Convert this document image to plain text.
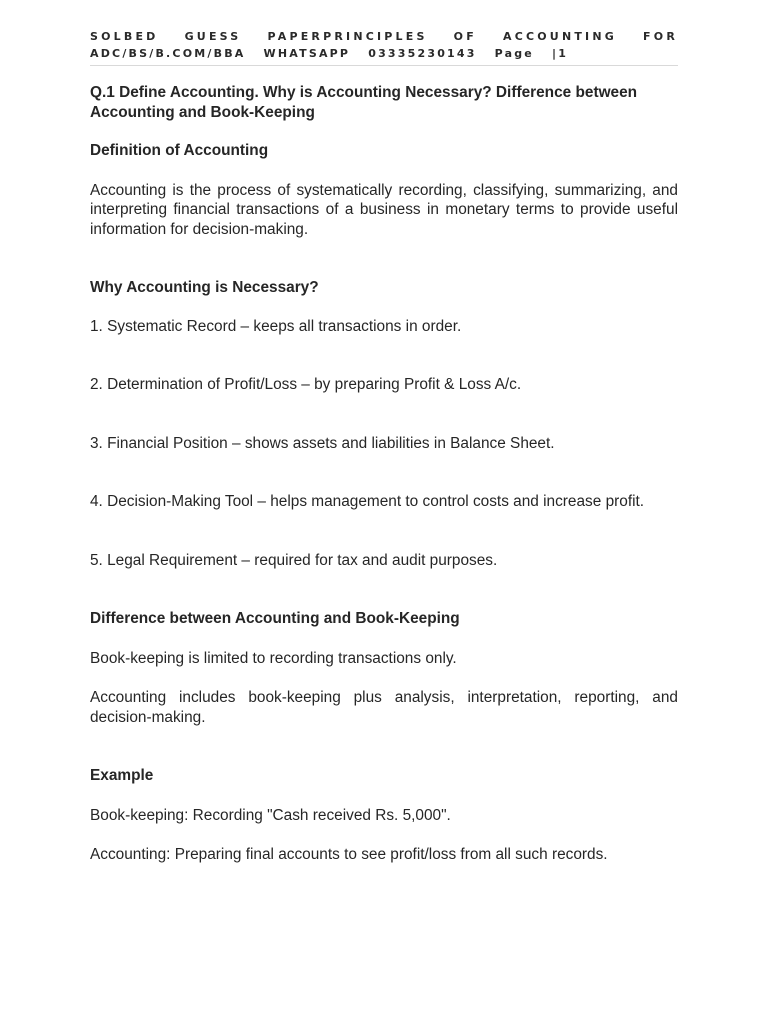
SOLBED GUESS PAPERPRINCIPLES OF ACCOUNTING FOR
ADC/BS/B.COM/BBA WHATSAPP 03335230143 Page |1

Q.1 Define Accounting. Why is Accounting Necessary? Difference between Accounting and Book-Keeping

Definition of Accounting

Accounting is the process of systematically recording, classifying, summarizing, and interpreting financial transactions of a business in monetary terms to provide useful information for decision-making.

Why Accounting is Necessary?

1. Systematic Record – keeps all transactions in order.

2. Determination of Profit/Loss – by preparing Profit & Loss A/c.

3. Financial Position – shows assets and liabilities in Balance Sheet.

4. Decision-Making Tool – helps management to control costs and increase profit.

5. Legal Requirement – required for tax and audit purposes.

Difference between Accounting and Book-Keeping

Book-keeping is limited to recording transactions only.

Accounting includes book-keeping plus analysis, interpretation, reporting, and decision-making.

Example

Book-keeping: Recording "Cash received Rs. 5,000".

Accounting: Preparing final accounts to see profit/loss from all such records.
